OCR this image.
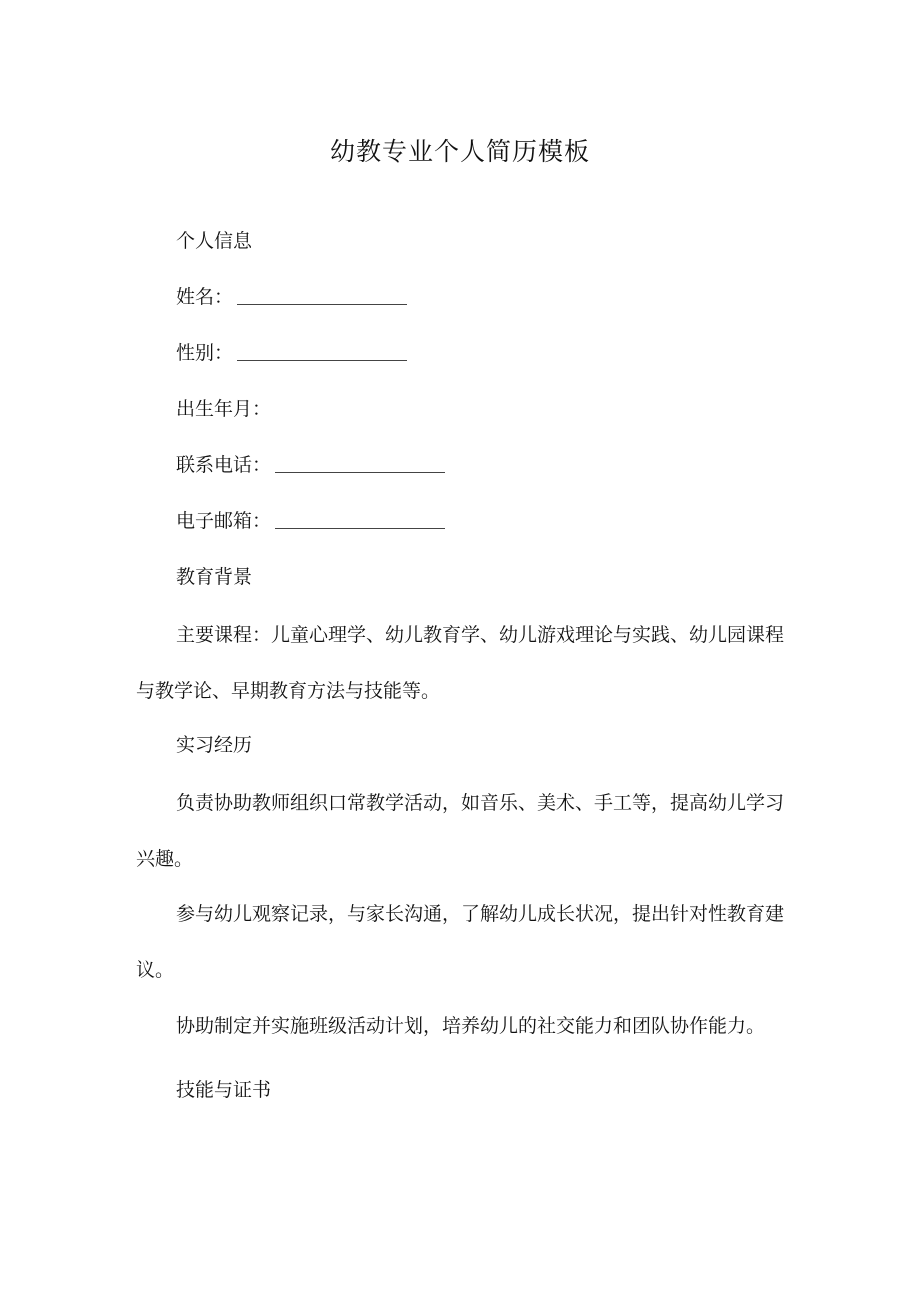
幼教专业个人简历模板
个人信息
姓名：
性别：
出生年月：
联系电话：
电子邮箱：
教育背景
主要课程：儿童心理学、幼儿教育学、幼儿游戏理论与实践、幼儿园课程与教学论、早期教育方法与技能等。
实习经历
负责协助教师组织口常教学活动，如音乐、美术、手工等，提高幼儿学习兴趣。
参与幼儿观察记录，与家长沟通，了解幼儿成长状况，提出针对性教育建议。
协助制定并实施班级活动计划，培养幼儿的社交能力和团队协作能力。
技能与证书
